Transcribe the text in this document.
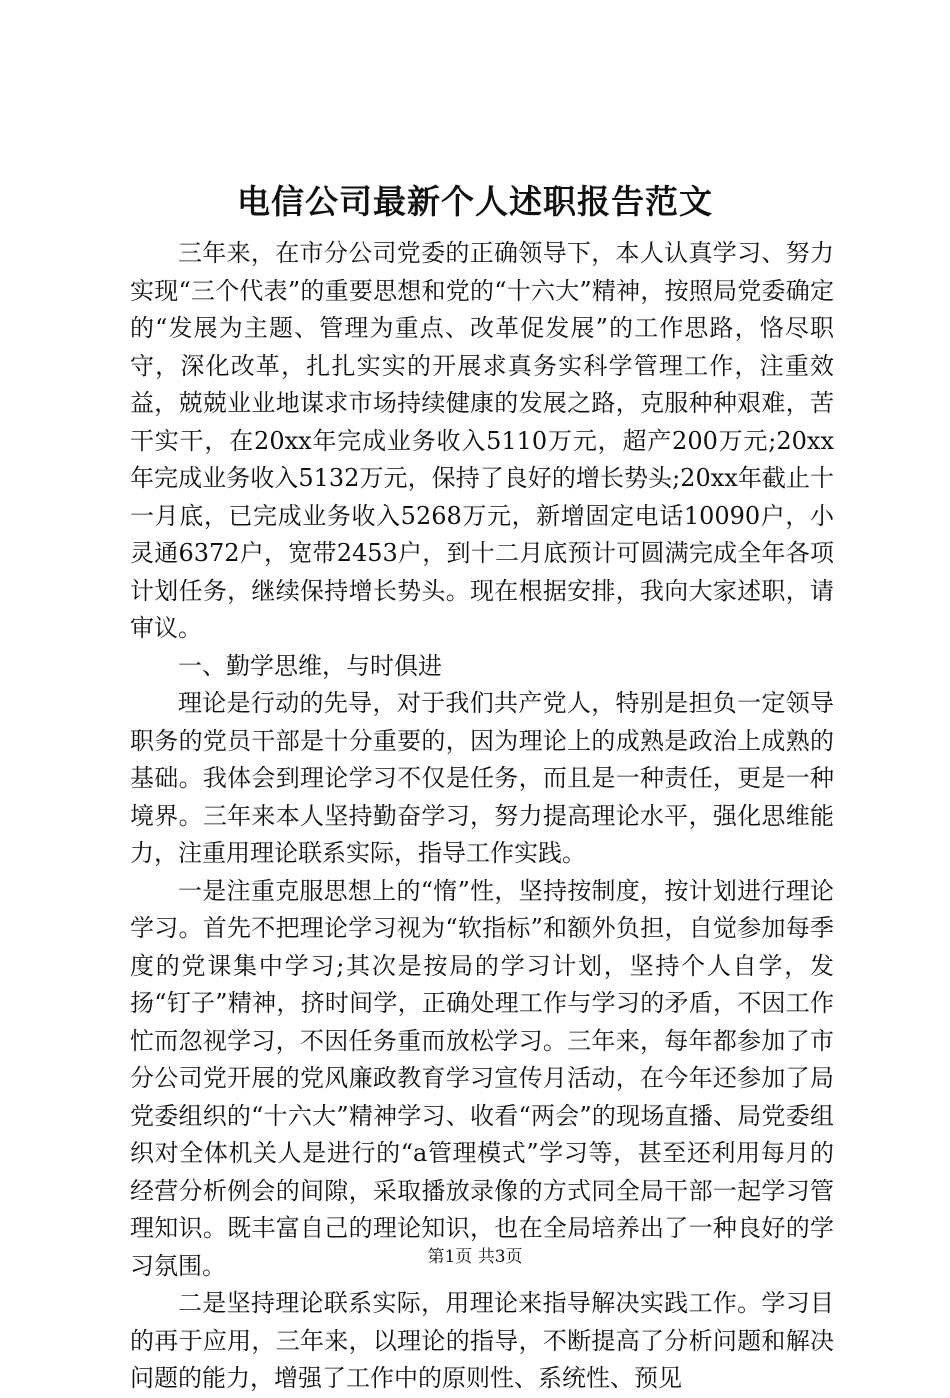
电信公司最新个人述职报告范文

三年来，在市分公司党委的正确领导下，本人认真学习、努力实现“三个代表”的重要思想和党的“十六大”精神，按照局党委确定的“发展为主题、管理为重点、改革促发展”的工作思路，恪尽职守，深化改革，扎扎实实的开展求真务实科学管理工作，注重效益，兢兢业业地谋求市场持续健康的发展之路，克服种种艰难，苦干实干，在20xx年完成业务收入5110万元，超产200万元;20xx年完成业务收入5132万元，保持了良好的增长势头;20xx年截止十一月底，已完成业务收入5268万元，新增固定电话10090户，小灵通6372户，宽带2453户，到十二月底预计可圆满完成全年各项计划任务，继续保持增长势头。现在根据安排，我向大家述职，请审议。

一、勤学思维，与时俱进

理论是行动的先导，对于我们共产党人，特别是担负一定领导职务的党员干部是十分重要的，因为理论上的成熟是政治上成熟的基础。我体会到理论学习不仅是任务，而且是一种责任，更是一种境界。三年来本人坚持勤奋学习，努力提高理论水平，强化思维能力，注重用理论联系实际，指导工作实践。

一是注重克服思想上的“惰”性，坚持按制度，按计划进行理论学习。首先不把理论学习视为“软指标”和额外负担，自觉参加每季度的党课集中学习;其次是按局的学习计划，坚持个人自学，发扬“钉子”精神，挤时间学，正确处理工作与学习的矛盾，不因工作忙而忽视学习，不因任务重而放松学习。三年来，每年都参加了市分公司党开展的党风廉政教育学习宣传月活动，在今年还参加了局党委组织的“十六大”精神学习、收看“两会”的现场直播、局党委组织对全体机关人是进行的“a管理模式”学习等，甚至还利用每月的经营分析例会的间隙，采取播放录像的方式同全局干部一起学习管理知识。既丰富自己的理论知识，也在全局培养出了一种良好的学习氛围。

二是坚持理论联系实际，用理论来指导解决实践工作。学习目的再于应用，三年来，以理论的指导，不断提高了分析问题和解决问题的能力，增强了工作中的原则性、系统性、预见

第1页 共3页
